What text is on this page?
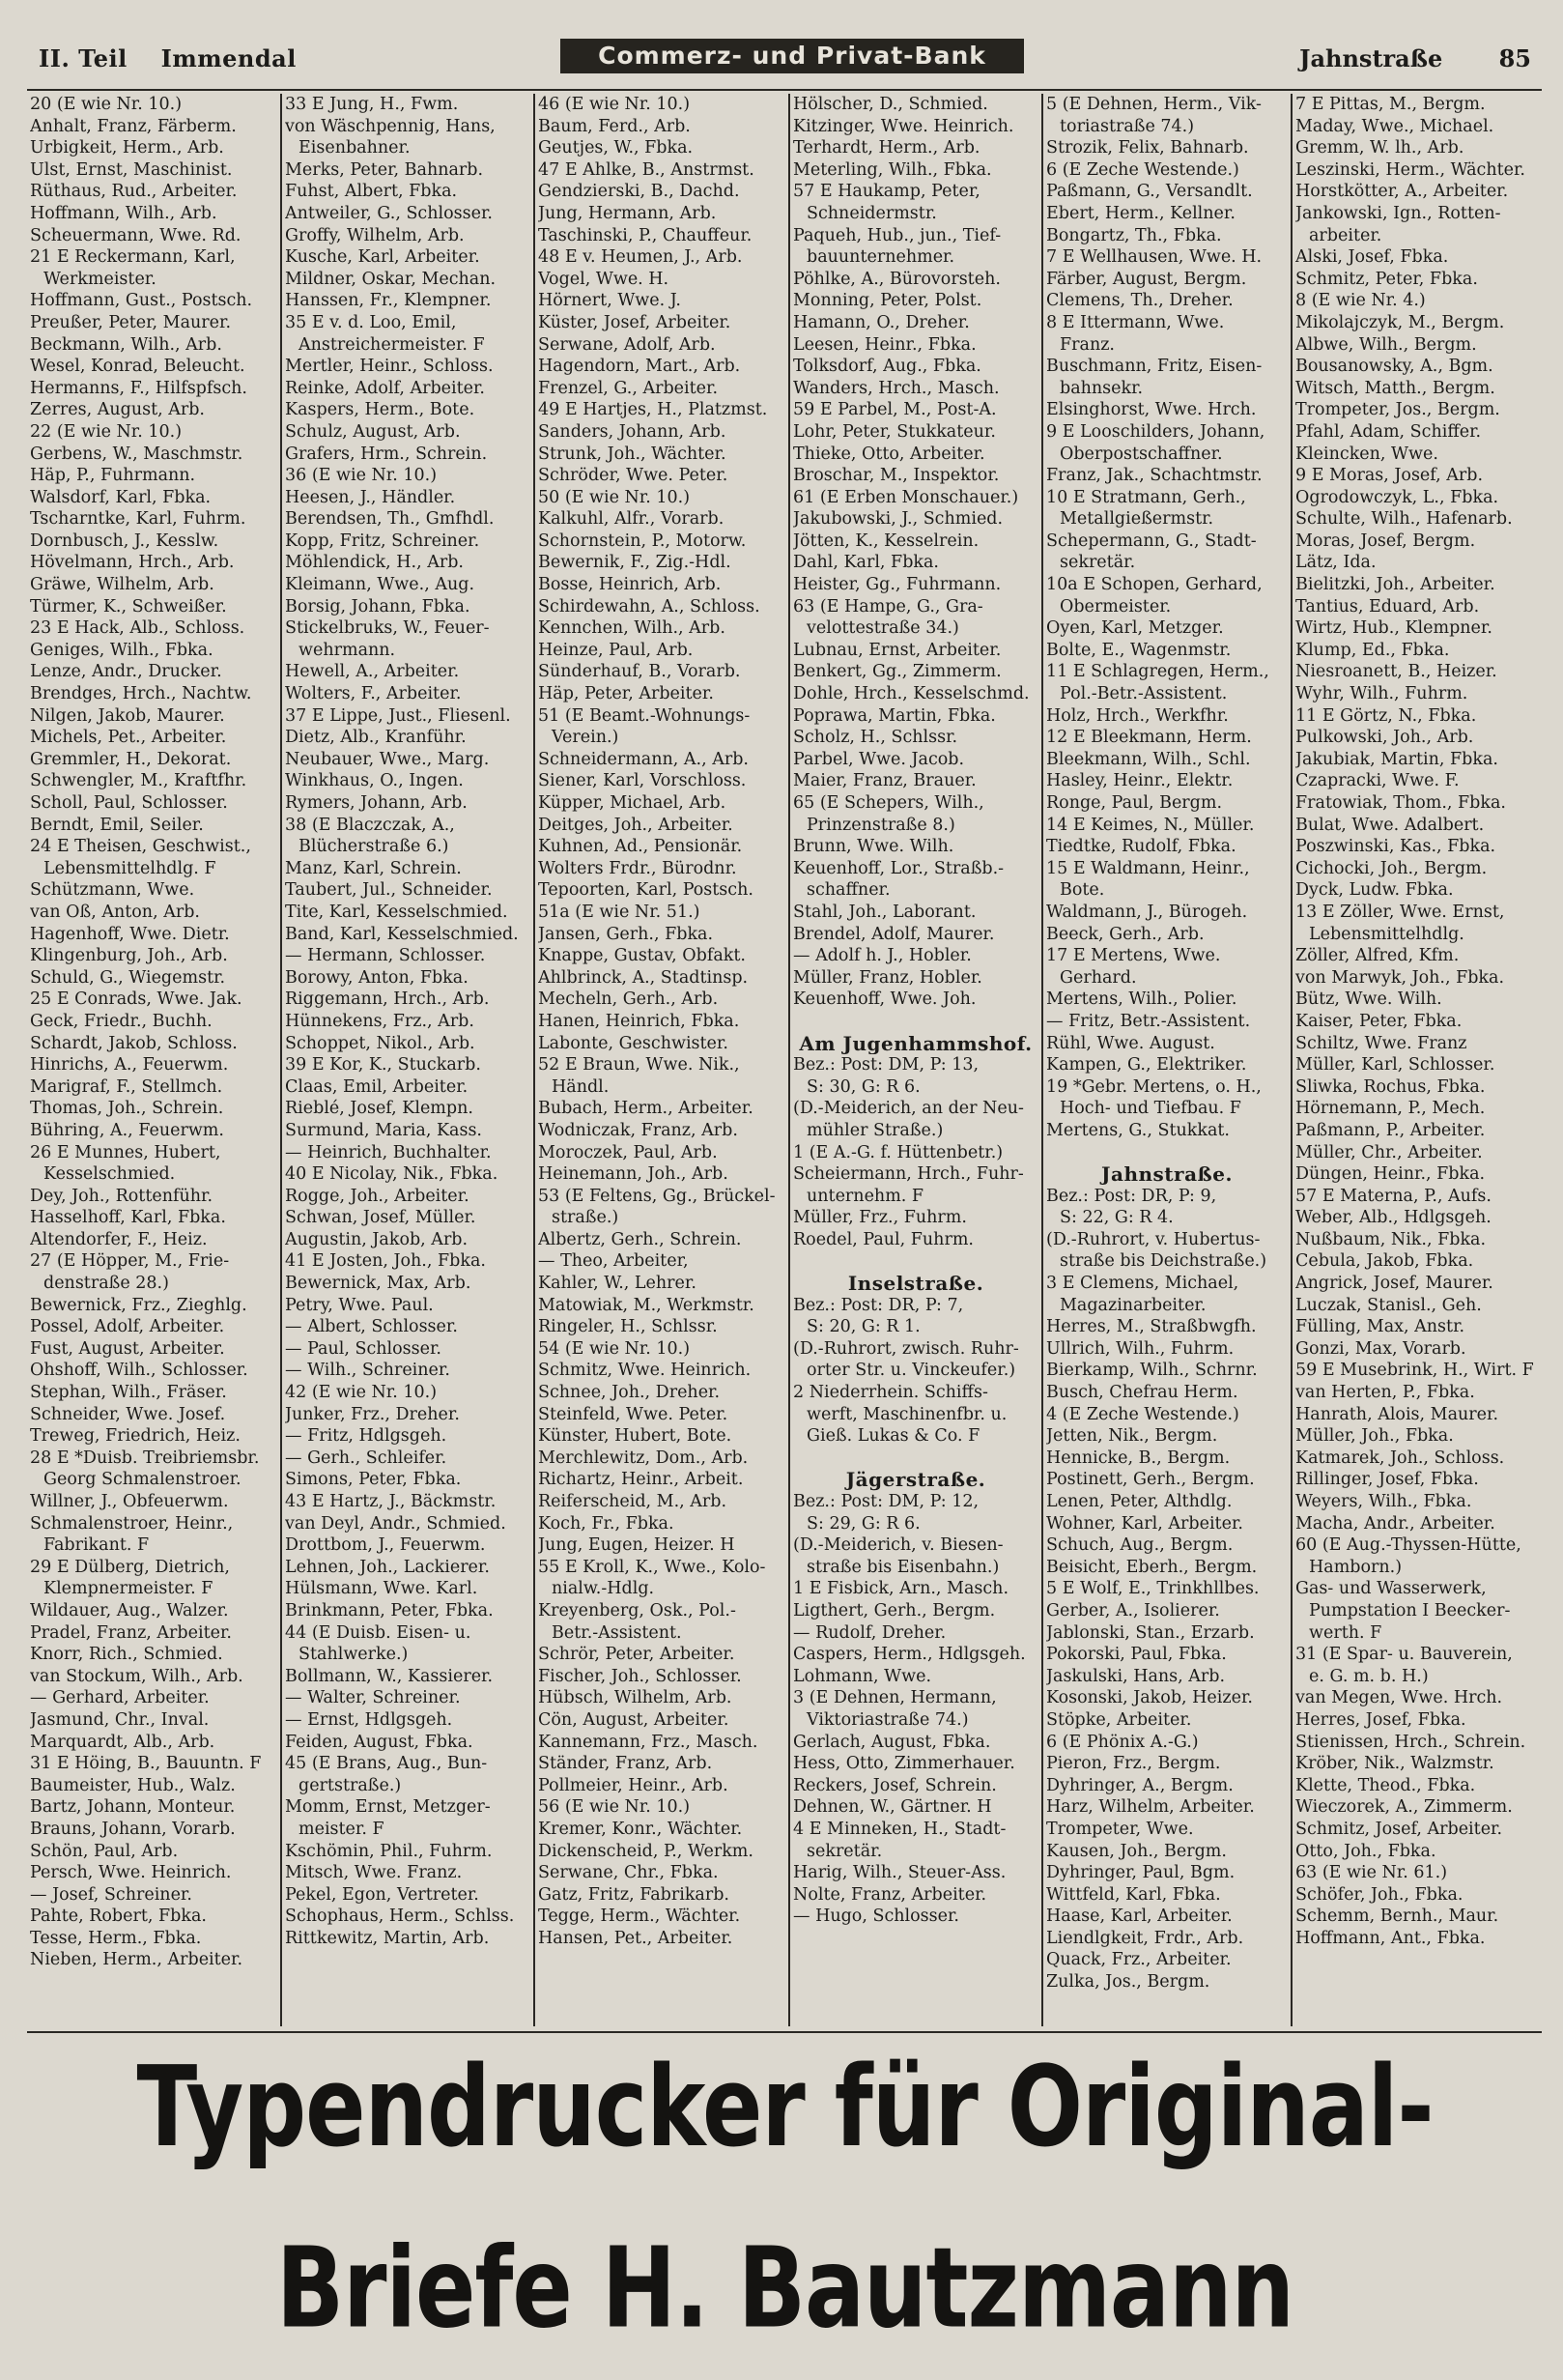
II. Teil Immendal	Commerz- und Privat-Bank	Jahnstraße 85
20 (E wie Nr. 10.)
Anhalt, Franz, Färberm.
Urbigkeit, Herm., Arb.
Ulst, Ernst, Maschinist.
Rüthaus, Rud., Arbeiter.
Hoffmann, Wilh., Arb.
Scheuermann, Wwe. Rd.
21 E Reckermann, Karl,
Werkmeister.
Hoffmann, Gust., Postsch.
Preußer, Peter, Maurer.
Beckmann, Wilh., Arb.
Wesel, Konrad, Beleucht.
Hermanns, F., Hilfspfsch.
Zerres, August, Arb.
22 (E wie Nr. 10.)
Gerbens, W., Maschmstr.
Häp, P., Fuhrmann.
Walsdorf, Karl, Fbka.
Tscharntke, Karl, Fuhrm.
Dornbusch, J., Kesslw.
Hövelmann, Hrch., Arb.
Gräwe, Wilhelm, Arb.
Türmer, K., Schweißer.
23 E Hack, Alb., Schloss.
Geniges, Wilh., Fbka.
Lenze, Andr., Drucker.
Brendges, Hrch., Nachtw.
Nilgen, Jakob, Maurer.
Michels, Pet., Arbeiter.
Gremmler, H., Dekorat.
Schwengler, M., Kraftfhr.
Scholl, Paul, Schlosser.
Berndt, Emil, Seiler.
24 E Theisen, Geschwist.,
Lebensmittelhdlg. F
Schützmann, Wwe.
van Oß, Anton, Arb.
Hagenhoff, Wwe. Dietr.
Klingenburg, Joh., Arb.
Schuld, G., Wiegemstr.
25 E Conrads, Wwe. Jak.
Geck, Friedr., Buchh.
Schardt, Jakob, Schloss.
Hinrichs, A., Feuerwm.
Marigraf, F., Stellmch.
Thomas, Joh., Schrein.
Bühring, A., Feuerwm.
26 E Munnes, Hubert,
Kesselschmied.
Dey, Joh., Rottenführ.
Hasselhoff, Karl, Fbka.
Altendorfer, F., Heiz.
27 (E Höpper, M., Frie-
denstraße 28.)
Bewernick, Frz., Zieghlg.
Possel, Adolf, Arbeiter.
Fust, August, Arbeiter.
Ohshoff, Wilh., Schlosser.
Stephan, Wilh., Fräser.
Schneider, Wwe. Josef.
Treweg, Friedrich, Heiz.
28 E *Duisb. Treibriemsbr.
Georg Schmalenstroer.
Willner, J., Obfeuerwm.
Schmalenstroer, Heinr.,
Fabrikant. F
29 E Dülberg, Dietrich,
Klempnermeister. F
Wildauer, Aug., Walzer.
Pradel, Franz, Arbeiter.
Knorr, Rich., Schmied.
van Stockum, Wilh., Arb.
— Gerhard, Arbeiter.
Jasmund, Chr., Inval.
Marquardt, Alb., Arb.
31 E Höing, B., Bauuntn. F
Baumeister, Hub., Walz.
Bartz, Johann, Monteur.
Brauns, Johann, Vorarb.
Schön, Paul, Arb.
Persch, Wwe. Heinrich.
— Josef, Schreiner.
Pahte, Robert, Fbka.
Tesse, Herm., Fbka.
Nieben, Herm., Arbeiter.
33 E Jung, H., Fwm.
von Wäschpennig, Hans,
Eisenbahner.
Merks, Peter, Bahnarb.
Fuhst, Albert, Fbka.
Antweiler, G., Schlosser.
Groffy, Wilhelm, Arb.
Kusche, Karl, Arbeiter.
Mildner, Oskar, Mechan.
Hanssen, Fr., Klempner.
35 E v. d. Loo, Emil,
Anstreichermeister. F
Mertler, Heinr., Schloss.
Reinke, Adolf, Arbeiter.
Kaspers, Herm., Bote.
Schulz, August, Arb.
Grafers, Hrm., Schrein.
36 (E wie Nr. 10.)
Heesen, J., Händler.
Berendsen, Th., Gmfhdl.
Kopp, Fritz, Schreiner.
Möhlendick, H., Arb.
Kleimann, Wwe., Aug.
Borsig, Johann, Fbka.
Stickelbruks, W., Feuer-
wehrmann.
Hewell, A., Arbeiter.
Wolters, F., Arbeiter.
37 E Lippe, Just., Fliesenl.
Dietz, Alb., Kranführ.
Neubauer, Wwe., Marg.
Winkhaus, O., Ingen.
Rymers, Johann, Arb.
38 (E Blaczczak, A.,
Blücherstraße 6.)
Manz, Karl, Schrein.
Taubert, Jul., Schneider.
Tite, Karl, Kesselschmied.
Band, Karl, Kesselschmied.
— Hermann, Schlosser.
Borowy, Anton, Fbka.
Riggemann, Hrch., Arb.
Hünnekens, Frz., Arb.
Schoppet, Nikol., Arb.
39 E Kor, K., Stuckarb.
Claas, Emil, Arbeiter.
Rieblé, Josef, Klempn.
Surmund, Maria, Kass.
— Heinrich, Buchhalter.
40 E Nicolay, Nik., Fbka.
Rogge, Joh., Arbeiter.
Schwan, Josef, Müller.
Augustin, Jakob, Arb.
41 E Josten, Joh., Fbka.
Bewernick, Max, Arb.
Petry, Wwe. Paul.
— Albert, Schlosser.
— Paul, Schlosser.
— Wilh., Schreiner.
42 (E wie Nr. 10.)
Junker, Frz., Dreher.
— Fritz, Hdlgsgeh.
— Gerh., Schleifer.
Simons, Peter, Fbka.
43 E Hartz, J., Bäckmstr.
van Deyl, Andr., Schmied.
Drottbom, J., Feuerwm.
Lehnen, Joh., Lackierer.
Hülsmann, Wwe. Karl.
Brinkmann, Peter, Fbka.
44 (E Duisb. Eisen- u.
Stahlwerke.)
Bollmann, W., Kassierer.
— Walter, Schreiner.
— Ernst, Hdlgsgeh.
Feiden, August, Fbka.
45 (E Brans, Aug., Bun-
gertstraße.)
Momm, Ernst, Metzger-
meister. F
Kschömin, Phil., Fuhrm.
Mitsch, Wwe. Franz.
Pekel, Egon, Vertreter.
Schophaus, Herm., Schlss.
Rittkewitz, Martin, Arb.
46 (E wie Nr. 10.)
Baum, Ferd., Arb.
Geutjes, W., Fbka.
47 E Ahlke, B., Anstrmst.
Gendzierski, B., Dachd.
Jung, Hermann, Arb.
Taschinski, P., Chauffeur.
48 E v. Heumen, J., Arb.
Vogel, Wwe. H.
Hörnert, Wwe. J.
Küster, Josef, Arbeiter.
Serwane, Adolf, Arb.
Hagendorn, Mart., Arb.
Frenzel, G., Arbeiter.
49 E Hartjes, H., Platzmst.
Sanders, Johann, Arb.
Strunk, Joh., Wächter.
Schröder, Wwe. Peter.
50 (E wie Nr. 10.)
Kalkuhl, Alfr., Vorarb.
Schornstein, P., Motorw.
Bewernik, F., Zig.-Hdl.
Bosse, Heinrich, Arb.
Schirdewahn, A., Schloss.
Kennchen, Wilh., Arb.
Heinze, Paul, Arb.
Sünderhauf, B., Vorarb.
Häp, Peter, Arbeiter.
51 (E Beamt.-Wohnungs-
Verein.)
Schneidermann, A., Arb.
Siener, Karl, Vorschloss.
Küpper, Michael, Arb.
Deitges, Joh., Arbeiter.
Kuhnen, Ad., Pensionär.
Wolters Frdr., Bürodnr.
Tepoorten, Karl, Postsch.
51a (E wie Nr. 51.)
Jansen, Gerh., Fbka.
Knappe, Gustav, Obfakt.
Ahlbrinck, A., Stadtinsp.
Mecheln, Gerh., Arb.
Hanen, Heinrich, Fbka.
Labonte, Geschwister.
52 E Braun, Wwe. Nik.,
Händl.
Bubach, Herm., Arbeiter.
Wodniczak, Franz, Arb.
Moroczek, Paul, Arb.
Heinemann, Joh., Arb.
53 (E Feltens, Gg., Brückel-
straße.)
Albertz, Gerh., Schrein.
— Theo, Arbeiter,
Kahler, W., Lehrer.
Matowiak, M., Werkmstr.
Ringeler, H., Schlssr.
54 (E wie Nr. 10.)
Schmitz, Wwe. Heinrich.
Schnee, Joh., Dreher.
Steinfeld, Wwe. Peter.
Künster, Hubert, Bote.
Merchlewitz, Dom., Arb.
Richartz, Heinr., Arbeit.
Reiferscheid, M., Arb.
Koch, Fr., Fbka.
Jung, Eugen, Heizer. H
55 E Kroll, K., Wwe., Kolo-
nialw.-Hdlg.
Kreyenberg, Osk., Pol.-
Betr.-Assistent.
Schrör, Peter, Arbeiter.
Fischer, Joh., Schlosser.
Hübsch, Wilhelm, Arb.
Cön, August, Arbeiter.
Kannemann, Frz., Masch.
Ständer, Franz, Arb.
Pollmeier, Heinr., Arb.
56 (E wie Nr. 10.)
Kremer, Konr., Wächter.
Dickenscheid, P., Werkm.
Serwane, Chr., Fbka.
Gatz, Fritz, Fabrikarb.
Tegge, Herm., Wächter.
Hansen, Pet., Arbeiter.
Hölscher, D., Schmied.
Kitzinger, Wwe. Heinrich.
Terhardt, Herm., Arb.
Meterling, Wilh., Fbka.
57 E Haukamp, Peter,
Schneidermstr.
Paqueh, Hub., jun., Tief-
bauunternehmer.
Pöhlke, A., Bürovorsteh.
Monning, Peter, Polst.
Hamann, O., Dreher.
Leesen, Heinr., Fbka.
Tolksdorf, Aug., Fbka.
Wanders, Hrch., Masch.
59 E Parbel, M., Post-A.
Lohr, Peter, Stukkateur.
Thieke, Otto, Arbeiter.
Broschar, M., Inspektor.
61 (E Erben Monschauer.)
Jakubowski, J., Schmied.
Jötten, K., Kesselrein.
Dahl, Karl, Fbka.
Heister, Gg., Fuhrmann.
63 (E Hampe, G., Gra-
velottestraße 34.)
Lubnau, Ernst, Arbeiter.
Benkert, Gg., Zimmerm.
Dohle, Hrch., Kesselschmd.
Poprawa, Martin, Fbka.
Scholz, H., Schlssr.
Parbel, Wwe. Jacob.
Maier, Franz, Brauer.
65 (E Schepers, Wilh.,
Prinzenstraße 8.)
Brunn, Wwe. Wilh.
Keuenhoff, Lor., Straßb.-
schaffner.
Stahl, Joh., Laborant.
Brendel, Adolf, Maurer.
— Adolf h. J., Hobler.
Müller, Franz, Hobler.
Keuenhoff, Wwe. Joh.
Am Jugenhammshof.
Bez.: Post: DM, P: 13,
S: 30, G: R 6.
(D.-Meiderich, an der Neu-
mühler Straße.)
1 (E A.-G. f. Hüttenbetr.)
Scheiermann, Hrch., Fuhr-
unternehm. F
Müller, Frz., Fuhrm.
Roedel, Paul, Fuhrm.
Inselstraße.
Bez.: Post: DR, P: 7,
S: 20, G: R 1.
(D.-Ruhrort, zwisch. Ruhr-
orter Str. u. Vinckeufer.)
2 Niederrhein. Schiffs-
werft, Maschinenfbr. u.
Gieß. Lukas & Co. F
Jägerstraße.
Bez.: Post: DM, P: 12,
S: 29, G: R 6.
(D.-Meiderich, v. Biesen-
straße bis Eisenbahn.)
1 E Fisbick, Arn., Masch.
Ligthert, Gerh., Bergm.
— Rudolf, Dreher.
Caspers, Herm., Hdlgsgeh.
Lohmann, Wwe.
3 (E Dehnen, Hermann,
Viktoriastraße 74.)
Gerlach, August, Fbka.
Hess, Otto, Zimmerhauer.
Reckers, Josef, Schrein.
Dehnen, W., Gärtner. H
4 E Minneken, H., Stadt-
sekretär.
Harig, Wilh., Steuer-Ass.
Nolte, Franz, Arbeiter.
— Hugo, Schlosser.
5 (E Dehnen, Herm., Vik-
toriastraße 74.)
Strozik, Felix, Bahnarb.
6 (E Zeche Westende.)
Paßmann, G., Versandlt.
Ebert, Herm., Kellner.
Bongartz, Th., Fbka.
7 E Wellhausen, Wwe. H.
Färber, August, Bergm.
Clemens, Th., Dreher.
8 E Ittermann, Wwe.
Franz.
Buschmann, Fritz, Eisen-
bahnsekr.
Elsinghorst, Wwe. Hrch.
9 E Looschilders, Johann,
Oberpostschaffner.
Franz, Jak., Schachtmstr.
10 E Stratmann, Gerh.,
Metallgießermstr.
Schepermann, G., Stadt-
sekretär.
10a E Schopen, Gerhard,
Obermeister.
Oyen, Karl, Metzger.
Bolte, E., Wagenmstr.
11 E Schlagregen, Herm.,
Pol.-Betr.-Assistent.
Holz, Hrch., Werkfhr.
12 E Bleekmann, Herm.
Bleekmann, Wilh., Schl.
Hasley, Heinr., Elektr.
Ronge, Paul, Bergm.
14 E Keimes, N., Müller.
Tiedtke, Rudolf, Fbka.
15 E Waldmann, Heinr.,
Bote.
Waldmann, J., Bürogeh.
Beeck, Gerh., Arb.
17 E Mertens, Wwe.
Gerhard.
Mertens, Wilh., Polier.
— Fritz, Betr.-Assistent.
Rühl, Wwe. August.
Kampen, G., Elektriker.
19 *Gebr. Mertens, o. H.,
Hoch- und Tiefbau. F
Mertens, G., Stukkat.
Jahnstraße.
Bez.: Post: DR, P: 9,
S: 22, G: R 4.
(D.-Ruhrort, v. Hubertus-
straße bis Deichstraße.)
3 E Clemens, Michael,
Magazinarbeiter.
Herres, M., Straßbwgfh.
Ullrich, Wilh., Fuhrm.
Bierkamp, Wilh., Schrnr.
Busch, Chefrau Herm.
4 (E Zeche Westende.)
Jetten, Nik., Bergm.
Hennicke, B., Bergm.
Postinett, Gerh., Bergm.
Lenen, Peter, Althdlg.
Wohner, Karl, Arbeiter.
Schuch, Aug., Bergm.
Beisicht, Eberh., Bergm.
5 E Wolf, E., Trinkhllbes.
Gerber, A., Isolierer.
Jablonski, Stan., Erzarb.
Pokorski, Paul, Fbka.
Jaskulski, Hans, Arb.
Kosonski, Jakob, Heizer.
Stöpke, Arbeiter.
6 (E Phönix A.-G.)
Pieron, Frz., Bergm.
Dyhringer, A., Bergm.
Harz, Wilhelm, Arbeiter.
Trompeter, Wwe.
Kausen, Joh., Bergm.
Dyhringer, Paul, Bgm.
Wittfeld, Karl, Fbka.
Haase, Karl, Arbeiter.
Liendlgkeit, Frdr., Arb.
Quack, Frz., Arbeiter.
Zulka, Jos., Bergm.
7 E Pittas, M., Bergm.
Maday, Wwe., Michael.
Gremm, W. lh., Arb.
Leszinski, Herm., Wächter.
Horstkötter, A., Arbeiter.
Jankowski, Ign., Rotten-
arbeiter.
Alski, Josef, Fbka.
Schmitz, Peter, Fbka.
8 (E wie Nr. 4.)
Mikolajczyk, M., Bergm.
Albwe, Wilh., Bergm.
Bousanowsky, A., Bgm.
Witsch, Matth., Bergm.
Trompeter, Jos., Bergm.
Pfahl, Adam, Schiffer.
Kleincken, Wwe.
9 E Moras, Josef, Arb.
Ogrodowczyk, L., Fbka.
Schulte, Wilh., Hafenarb.
Moras, Josef, Bergm.
Lätz, Ida.
Bielitzki, Joh., Arbeiter.
Tantius, Eduard, Arb.
Wirtz, Hub., Klempner.
Klump, Ed., Fbka.
Niesroanett, B., Heizer.
Wyhr, Wilh., Fuhrm.
11 E Görtz, N., Fbka.
Pulkowski, Joh., Arb.
Jakubiak, Martin, Fbka.
Czapracki, Wwe. F.
Fratowiak, Thom., Fbka.
Bulat, Wwe. Adalbert.
Poszwinski, Kas., Fbka.
Cichocki, Joh., Bergm.
Dyck, Ludw. Fbka.
13 E Zöller, Wwe. Ernst,
Lebensmittelhdlg.
Zöller, Alfred, Kfm.
von Marwyk, Joh., Fbka.
Bütz, Wwe. Wilh.
Kaiser, Peter, Fbka.
Schiltz, Wwe. Franz
Müller, Karl, Schlosser.
Sliwka, Rochus, Fbka.
Hörnemann, P., Mech.
Paßmann, P., Arbeiter.
Müller, Chr., Arbeiter.
Düngen, Heinr., Fbka.
57 E Materna, P., Aufs.
Weber, Alb., Hdlgsgeh.
Nußbaum, Nik., Fbka.
Cebula, Jakob, Fbka.
Angrick, Josef, Maurer.
Luczak, Stanisl., Geh.
Fülling, Max, Anstr.
Gonzi, Max, Vorarb.
59 E Musebrink, H., Wirt. F
van Herten, P., Fbka.
Hanrath, Alois, Maurer.
Müller, Joh., Fbka.
Katmarek, Joh., Schloss.
Rillinger, Josef, Fbka.
Weyers, Wilh., Fbka.
Macha, Andr., Arbeiter.
60 (E Aug.-Thyssen-Hütte,
Hamborn.)
Gas- und Wasserwerk,
Pumpstation I Beecker-
werth. F
31 (E Spar- u. Bauverein,
e. G. m. b. H.)
van Megen, Wwe. Hrch.
Herres, Josef, Fbka.
Stienissen, Hrch., Schrein.
Kröber, Nik., Walzmstr.
Klette, Theod., Fbka.
Wieczorek, A., Zimmerm.
Schmitz, Josef, Arbeiter.
Otto, Joh., Fbka.
63 (E wie Nr. 61.)
Schöfer, Joh., Fbka.
Schemm, Bernh., Maur.
Hoffmann, Ant., Fbka.
Typendrucker für Original-Briefe H. Bautzmann
